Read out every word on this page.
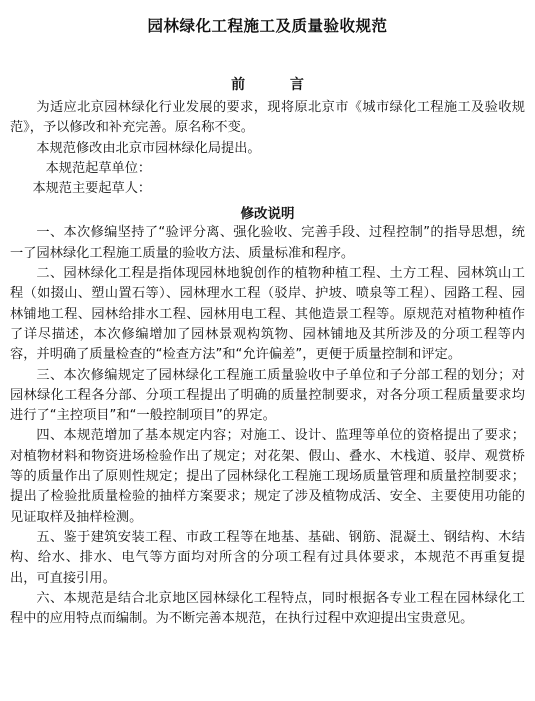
园林绿化工程施工及质量验收规范
前 言

为适应北京园林绿化行业发展的要求，现将原北京市《城市绿化工程施工及验收规范》，予以修改和补充完善。原名称不变。

本规范修改由北京市园林绿化局提出。

本规范起草单位：

本规范主要起草人：

修改说明

一、本次修编坚持了“验评分离、强化验收、完善手段、过程控制”的指导思想，统一了园林绿化工程施工质量的验收方法、质量标准和程序。

二、园林绿化工程是指体现园林地貌创作的植物种植工程、土方工程、园林筑山工程（如掇山、塑山置石等）、园林理水工程（驳岸、护坡、喷泉等工程）、园路工程、园林铺地工程、园林给排水工程、园林用电工程、其他造景工程等。原规范对植物种植作了详尽描述，本次修编增加了园林景观构筑物、园林铺地及其所涉及的分项工程等内容，并明确了质量检查的“检查方法”和“允许偏差”，更便于质量控制和评定。

三、本次修编规定了园林绿化工程施工质量验收中子单位和子分部工程的划分；对园林绿化工程各分部、分项工程提出了明确的质量控制要求，对各分项工程质量要求均进行了“主控项目”和“一般控制项目”的界定。

四、本规范增加了基本规定内容；对施工、设计、监理等单位的资格提出了要求；对植物材料和物资进场检验作出了规定；对花架、假山、叠水、木栈道、驳岸、观赏桥等的质量作出了原则性规定；提出了园林绿化工程施工现场质量管理和质量控制要求；提出了检验批质量检验的抽样方案要求；规定了涉及植物成活、安全、主要使用功能的见证取样及抽样检测。

五、鉴于建筑安装工程、市政工程等在地基、基础、钢筋、混凝土、钢结构、木结构、给水、排水、电气等方面均对所含的分项工程有过具体要求，本规范不再重复提出，可直接引用。

六、本规范是结合北京地区园林绿化工程特点，同时根据各专业工程在园林绿化工程中的应用特点而编制。为不断完善本规范，在执行过程中欢迎提出宝贵意见。
